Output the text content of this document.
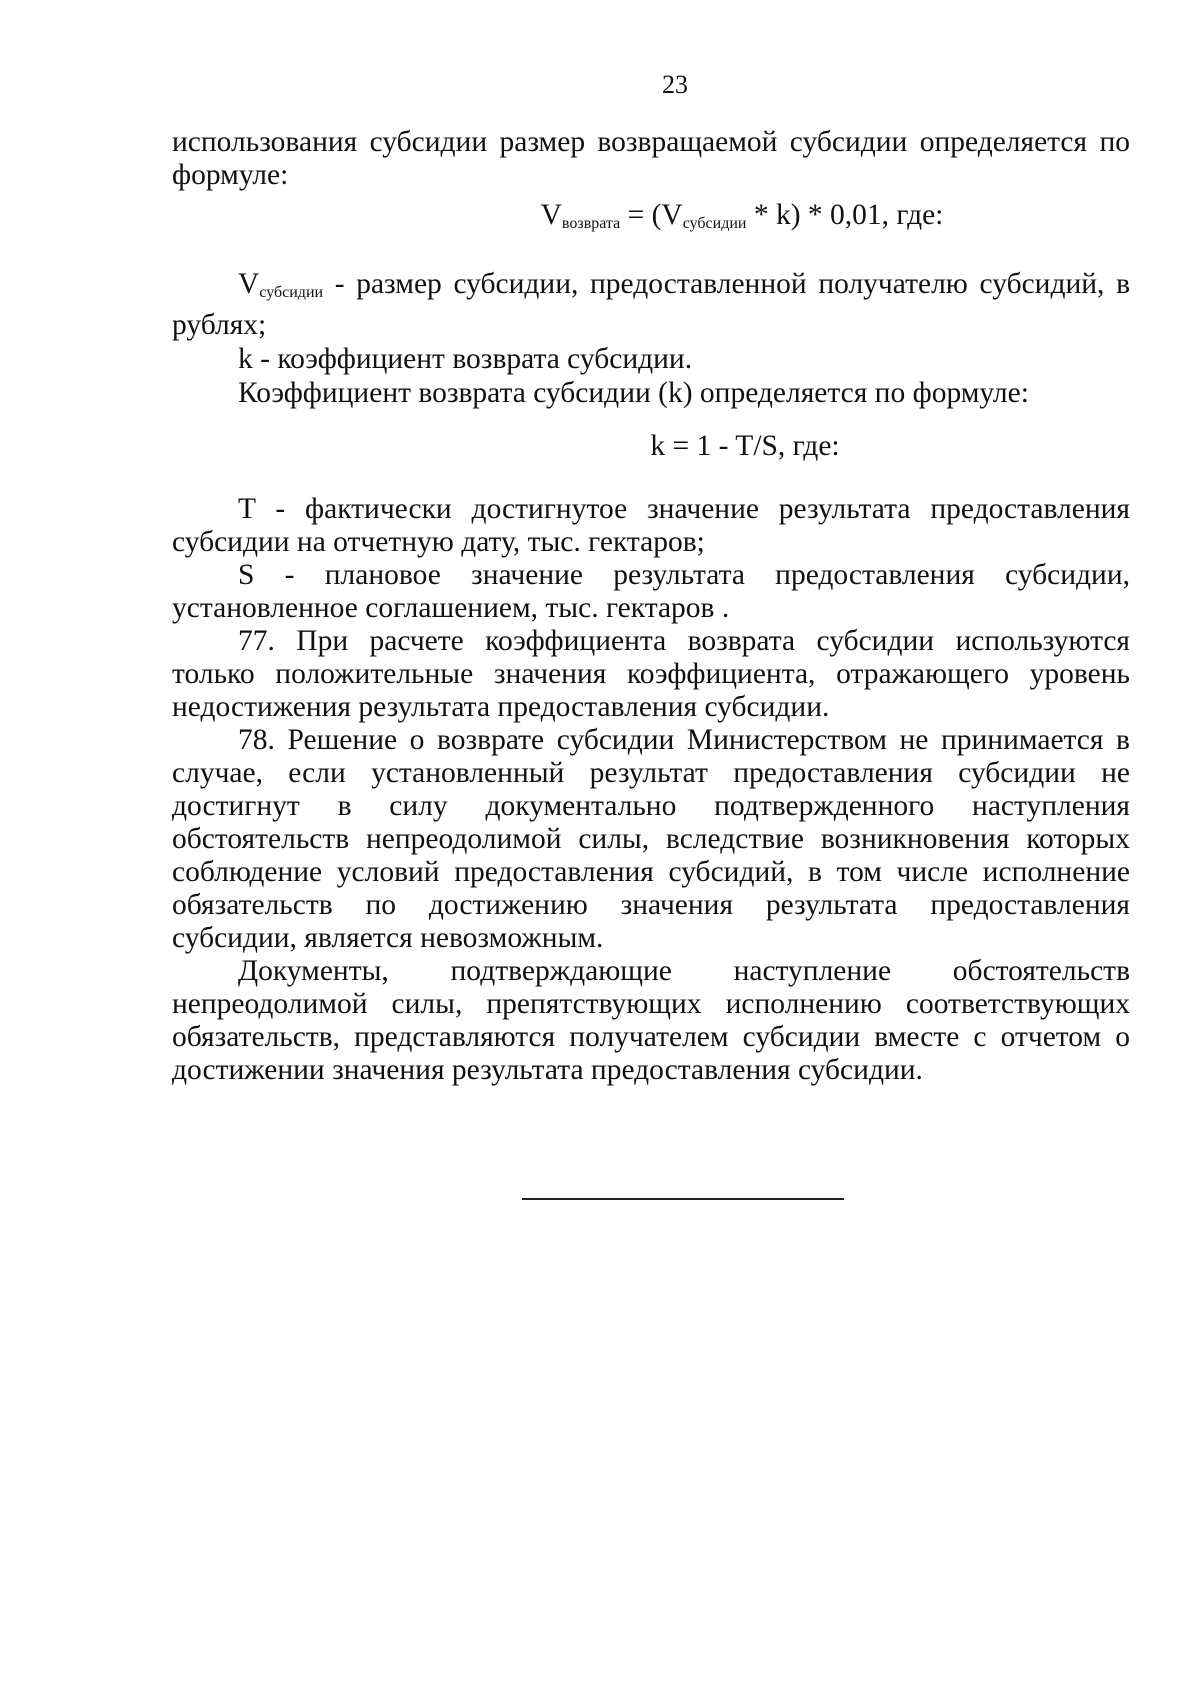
23

использования субсидии размер возвращаемой субсидии определяется по формуле:

$V_{возврата} = (V_{субсидии} * k) * 0,01$, где:

$V_{субсидии}$ - размер субсидии, предоставленной получателю субсидий, в рублях;

k - коэффициент возврата субсидии.

Коэффициент возврата субсидии (k) определяется по формуле:

k = 1 - T/S, где:

T - фактически достигнутое значение результата предоставления субсидии на отчетную дату, тыс. гектаров;

S - плановое значение результата предоставления субсидии, установленное соглашением, тыс. гектаров .

77. При расчете коэффициента возврата субсидии используются только положительные значения коэффициента, отражающего уровень недостижения результата предоставления субсидии.

78. Решение о возврате субсидии Министерством не принимается в случае, если установленный результат предоставления субсидии не достигнут в силу документально подтвержденного наступления обстоятельств непреодолимой силы, вследствие возникновения которых соблюдение условий предоставления субсидий, в том числе исполнение обязательств по достижению значения результата предоставления субсидии, является невозможным.

Документы, подтверждающие наступление обстоятельств непреодолимой силы, препятствующих исполнению соответствующих обязательств, представляются получателем субсидии вместе с отчетом о достижении значения результата предоставления субсидии.
